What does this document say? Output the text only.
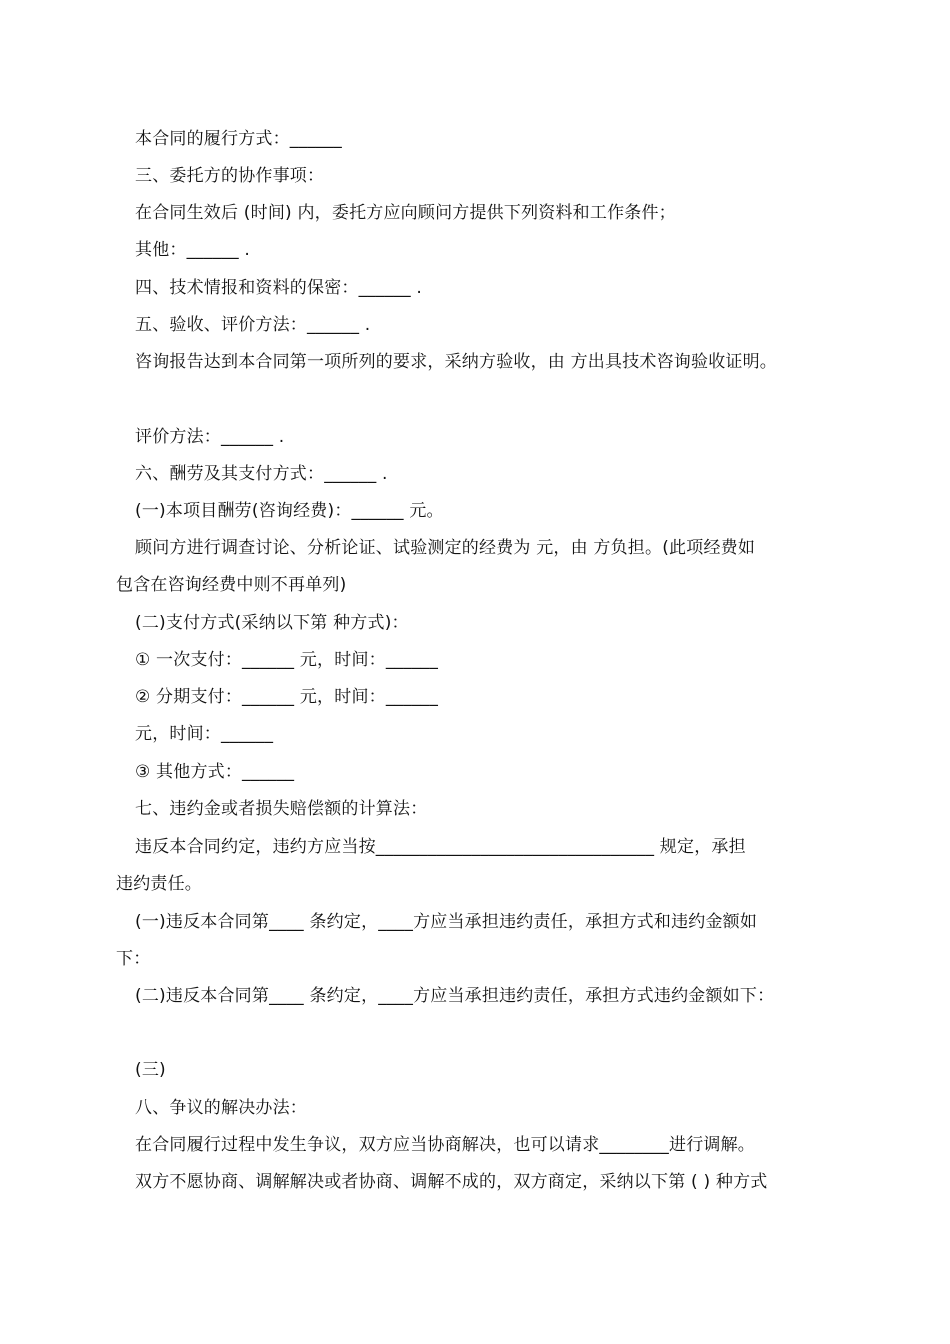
本合同的履行方式：______
三、委托方的协作事项：
在合同生效后 (时间) 内，委托方应向顾问方提供下列资料和工作条件；
其他：______ .
四、技术情报和资料的保密：______ .
五、验收、评价方法：______ .
咨询报告达到本合同第一项所列的要求，采纳方验收，由 方出具技术咨询验收证明。
评价方法：______ .
六、酬劳及其支付方式：______ .
(一)本项目酬劳(咨询经费)：______ 元。
顾问方进行调查讨论、分析论证、试验测定的经费为 元，由 方负担。(此项经费如
包含在咨询经费中则不再单列)
(二)支付方式(采纳以下第 种方式)：
① 一次支付：______ 元，时间：______
② 分期支付：______ 元，时间：______
元，时间：______
③ 其他方式：______
七、违约金或者损失赔偿额的计算法：
违反本合同约定，违约方应当按________________________________ 规定，承担
违约责任。
(一)违反本合同第____ 条约定，____方应当承担违约责任，承担方式和违约金额如
下：
(二)违反本合同第____ 条约定，____方应当承担违约责任，承担方式违约金额如下：
(三)
八、争议的解决办法：
在合同履行过程中发生争议，双方应当协商解决，也可以请求________进行调解。
双方不愿协商、调解解决或者协商、调解不成的，双方商定，采纳以下第 ( ) 种方式
